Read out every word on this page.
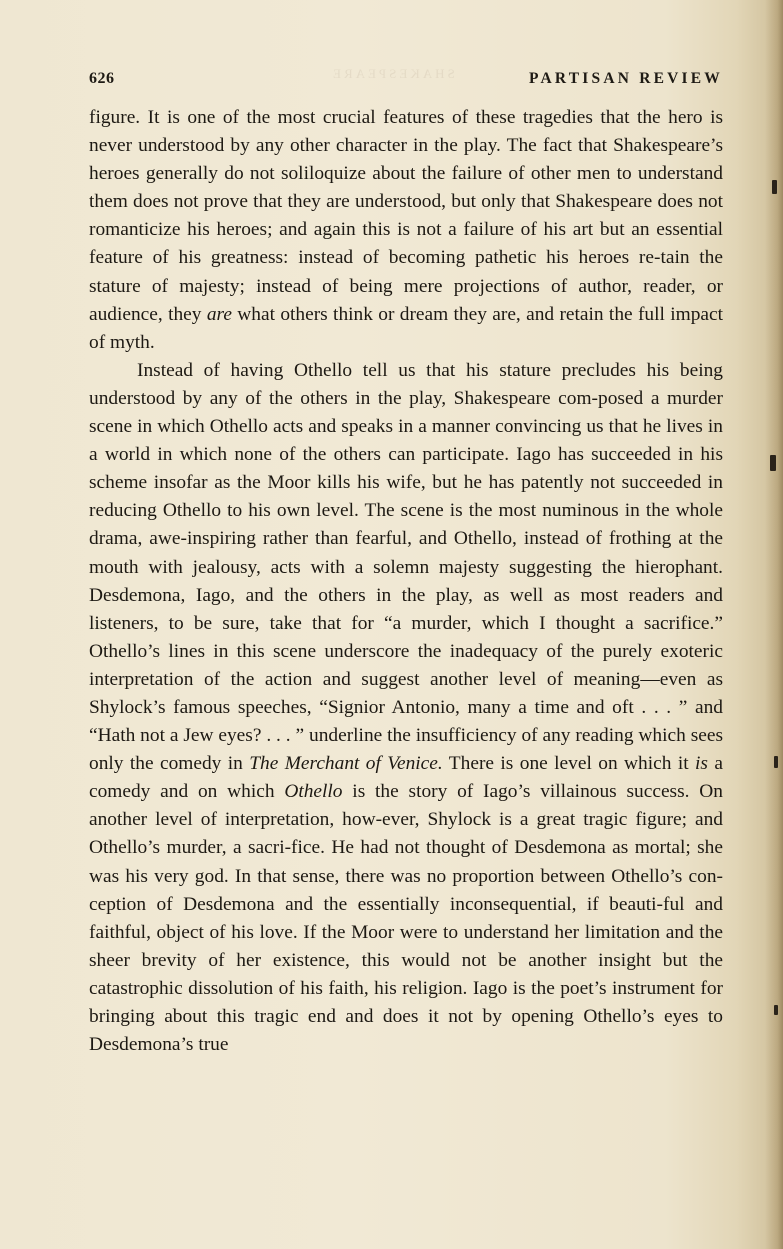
SHAKESPEARE
626	PARTISAN REVIEW

figure. It is one of the most crucial features of these tragedies that the hero is never understood by any other character in the play. The fact that Shakespeare’s heroes generally do not soliloquize about the failure of other men to understand them does not prove that they are understood, but only that Shakespeare does not romanticize his heroes; and again this is not a failure of his art but an essential feature of his greatness: instead of becoming pathetic his heroes re-tain the stature of majesty; instead of being mere projections of author, reader, or audience, they are what others think or dream they are, and retain the full impact of myth.

Instead of having Othello tell us that his stature precludes his being understood by any of the others in the play, Shakespeare com-posed a murder scene in which Othello acts and speaks in a manner convincing us that he lives in a world in which none of the others can participate. Iago has succeeded in his scheme insofar as the Moor kills his wife, but he has patently not succeeded in reducing Othello to his own level. The scene is the most numinous in the whole drama, awe-inspiring rather than fearful, and Othello, instead of frothing at the mouth with jealousy, acts with a solemn majesty suggesting the hierophant. Desdemona, Iago, and the others in the play, as well as most readers and listeners, to be sure, take that for “a murder, which I thought a sacrifice.” Othello’s lines in this scene underscore the inadequacy of the purely exoteric interpretation of the action and suggest another level of meaning—even as Shylock’s famous speeches, “Signior Antonio, many a time and oft . . . ” and “Hath not a Jew eyes? . . . ” underline the insufficiency of any reading which sees only the comedy in The Merchant of Venice. There is one level on which it is a comedy and on which Othello is the story of Iago’s villainous success. On another level of interpretation, how-ever, Shylock is a great tragic figure; and Othello’s murder, a sacri-fice. He had not thought of Desdemona as mortal; she was his very god. In that sense, there was no proportion between Othello’s con-ception of Desdemona and the essentially inconsequential, if beauti-ful and faithful, object of his love. If the Moor were to understand her limitation and the sheer brevity of her existence, this would not be another insight but the catastrophic dissolution of his faith, his religion. Iago is the poet’s instrument for bringing about this tragic end and does it not by opening Othello’s eyes to Desdemona’s true
